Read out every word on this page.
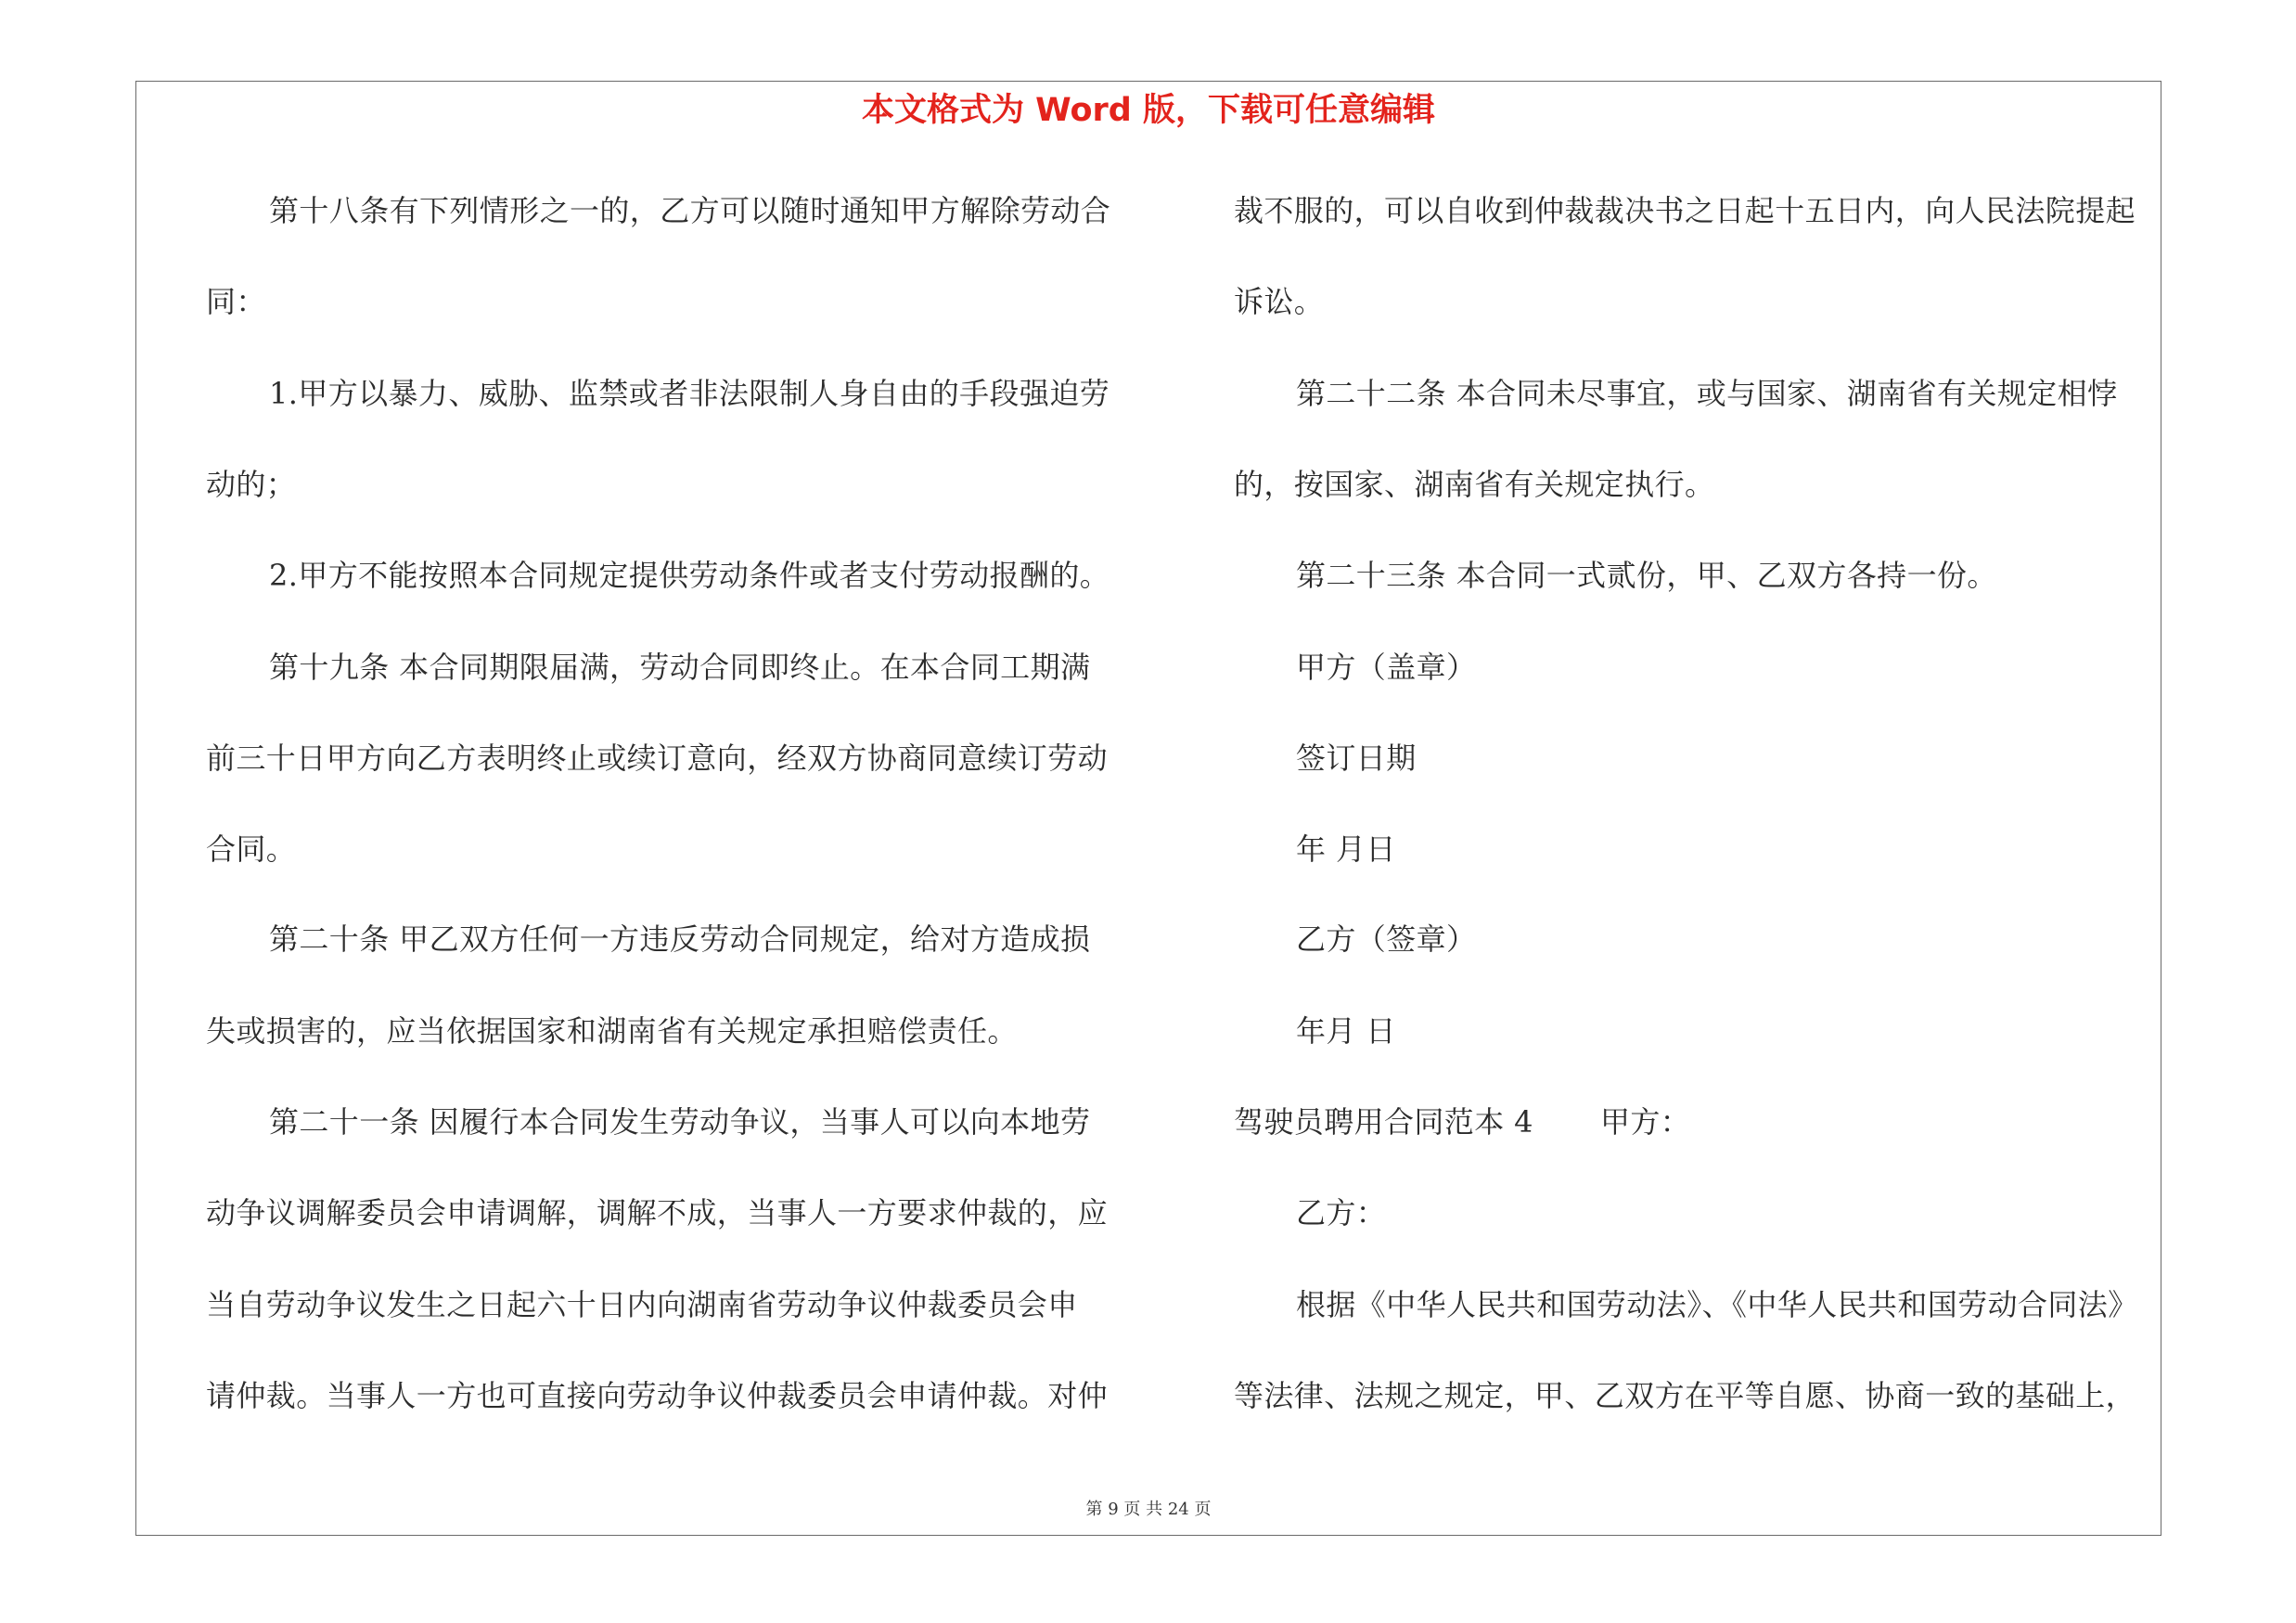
本文格式为 Word 版，下载可任意编辑
第十八条有下列情形之一的，乙方可以随时通知甲方解除劳动合
同：
1.甲方以暴力、威胁、监禁或者非法限制人身自由的手段强迫劳
动的；
2.甲方不能按照本合同规定提供劳动条件或者支付劳动报酬的。
第十九条 本合同期限届满，劳动合同即终止。在本合同工期满
前三十日甲方向乙方表明终止或续订意向，经双方协商同意续订劳动
合同。
第二十条 甲乙双方任何一方违反劳动合同规定，给对方造成损
失或损害的，应当依据国家和湖南省有关规定承担赔偿责任。
第二十一条 因履行本合同发生劳动争议，当事人可以向本地劳
动争议调解委员会申请调解，调解不成，当事人一方要求仲裁的，应
当自劳动争议发生之日起六十日内向湖南省劳动争议仲裁委员会申
请仲裁。当事人一方也可直接向劳动争议仲裁委员会申请仲裁。对仲
裁不服的，可以自收到仲裁裁决书之日起十五日内，向人民法院提起
诉讼。
第二十二条 本合同未尽事宜，或与国家、湖南省有关规定相悖
的，按国家、湖南省有关规定执行。
第二十三条 本合同一式贰份，甲、乙双方各持一份。
甲方（盖章）
签订日期
年 月日
乙方（签章）
年月 日
驾驶员聘用合同范本 4 甲方：
乙方：
根据《中华人民共和国劳动法》、《中华人民共和国劳动合同法》
等法律、法规之规定，甲、乙双方在平等自愿、协商一致的基础上，
第 9 页 共 24 页
